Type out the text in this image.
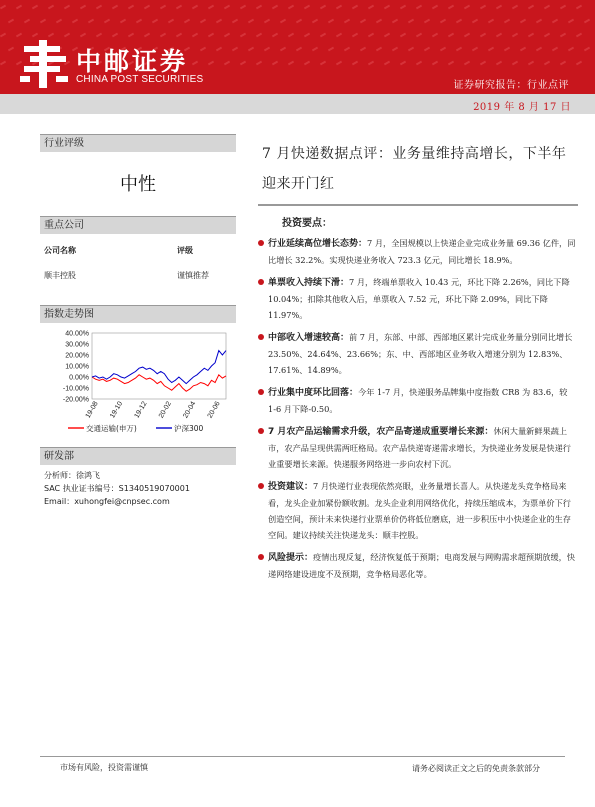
中邮证券
CHINA POST SECURITIES
证券研究报告：行业点评
2019 年 8 月 17 日
行业评级
中性
重点公司
公司名称	评级
顺丰控股	谨慎推荐
指数走势图
40.00%
30.00%
20.00%
10.00%
0.00%
-10.00%
-20.00%
19-08 19-10 19-12 20-02 20-04 20-06
交通运输(申万)	沪深300
研发部
分析师：徐鸿飞
SAC 执业证书编号：S1340519070001
Email：xuhongfei@cnpsec.com
7 月快递数据点评：业务量维持高增长，下半年迎来开门红
投资要点：
行业延续高位增长态势：7 月，全国规模以上快递企业完成业务量 69.36 亿件，同比增长 32.2%。实现快递业务收入 723.3 亿元，同比增长 18.9%。
单票收入持续下滑：7 月，终端单票收入 10.43 元，环比下降 2.26%，同比下降 10.04%；扣除其他收入后，单票收入 7.52 元，环比下降 2.09%，同比下降 11.97%。
中部收入增速较高：前 7 月，东部、中部、西部地区累计完成业务量分别同比增长 23.50%、24.64%、23.66%；东、中、西部地区业务收入增速分别为 12.83%、17.61%、14.89%。
行业集中度环比回落：今年 1-7 月，快递服务品牌集中度指数 CR8 为 83.6，较 1-6 月下降-0.50。
7 月农产品运输需求升级，农产品寄递成重要增长来源：休闲大量新鲜果蔬上市，农产品呈现供需两旺格局。农产品快递寄递需求增长，为快递业务发展是快递行业重要增长来源。快递服务网络进一步向农村下沉。
投资建议：7 月快递行业表现依然亮眼，业务量增长喜人。从快递龙头竞争格局来看，龙头企业加紧份额收割。龙头企业利用网络优化，持续压缩成本，为票单价下行创造空间，预计未来快递行业票单价仍将低位磨底，进一步积压中小快递企业的生存空间。建议持续关注快递龙头：顺丰控股。
风险提示：疫情出现反复，经济恢复低于预期；电商发展与网购需求超预期放缓，快递网络建设进度不及预期，竞争格局恶化等。
市场有风险，投资需谨慎	请务必阅读正文之后的免责条款部分
